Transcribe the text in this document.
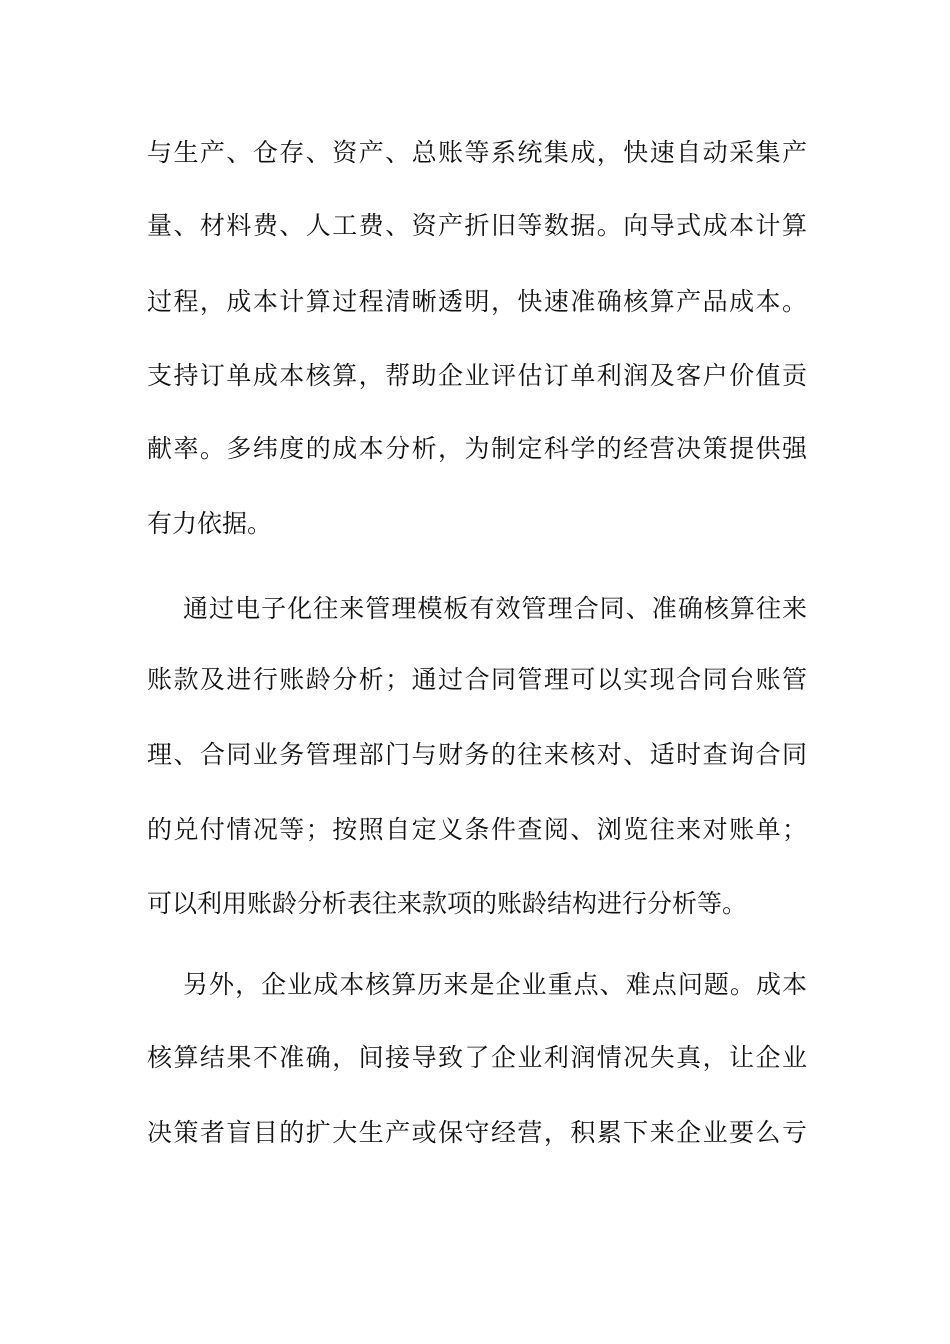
与生产、仓存、资产、总账等系统集成，快速自动采集产
量、材料费、人工费、资产折旧等数据。向导式成本计算
过程，成本计算过程清晰透明，快速准确核算产品成本。
支持订单成本核算，帮助企业评估订单利润及客户价值贡
献率。多纬度的成本分析，为制定科学的经营决策提供强
有力依据。
通过电子化往来管理模板有效管理合同、准确核算往来
账款及进行账龄分析；通过合同管理可以实现合同台账管
理、合同业务管理部门与财务的往来核对、适时查询合同
的兑付情况等；按照自定义条件查阅、浏览往来对账单；
可以利用账龄分析表往来款项的账龄结构进行分析等。
另外，企业成本核算历来是企业重点、难点问题。成本
核算结果不准确，间接导致了企业利润情况失真，让企业
决策者盲目的扩大生产或保守经营，积累下来企业要么亏
